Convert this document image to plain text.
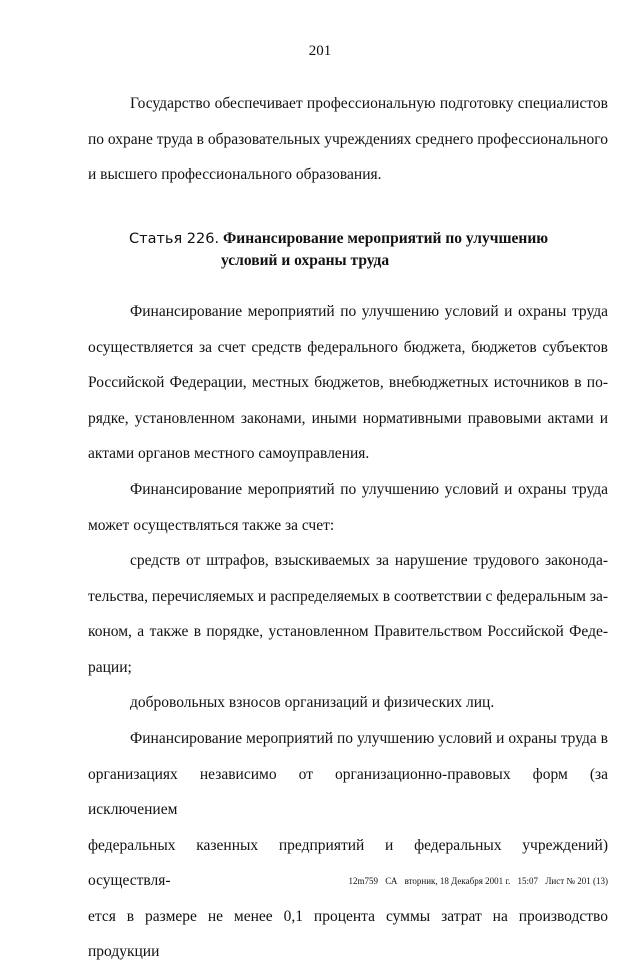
201
Государство обеспечивает профессиональную подготовку специалистов
по охране труда в образовательных учреждениях среднего профессионального
и высшего профессионального образования.
Статья 226. Финансирование мероприятий по улучшению
условий и охраны труда
Финансирование мероприятий по улучшению условий и охраны труда
осуществляется за счет средств федерального бюджета, бюджетов субъектов
Российской Федерации, местных бюджетов, внебюджетных источников в по-
рядке, установленном законами, иными нормативными правовыми актами и
актами органов местного самоуправления.
Финансирование мероприятий по улучшению условий и охраны труда
может осуществляться также за счет:
средств от штрафов, взыскиваемых за нарушение трудового законода-
тельства, перечисляемых и распределяемых в соответствии с федеральным за-
коном, а также в порядке, установленном Правительством Российской Феде-
рации;
добровольных взносов организаций и физических лиц.
Финансирование мероприятий по улучшению условий и охраны труда в
организациях независимо от организационно-правовых форм (за исключением
федеральных казенных предприятий и федеральных учреждений) осуществля-
ется в размере не менее 0,1 процента суммы затрат на производство продукции
12m759 СА вторник, 18 Декабря 2001 г. 15:07 Лист № 201 (13)
